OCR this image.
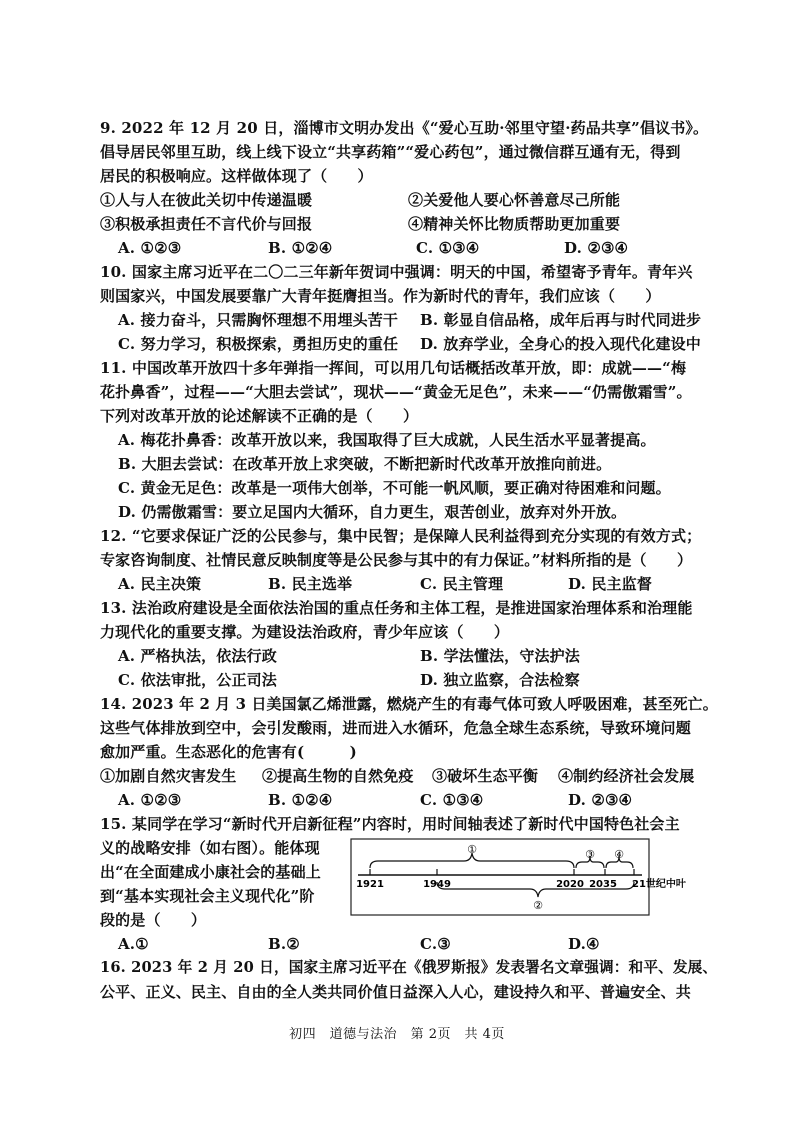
9. 2022 年 12 月 20 日，淄博市文明办发出《“爱心互助·邻里守望·药品共享”倡议书》。
倡导居民邻里互助，线上线下设立“共享药箱”“爱心药包”，通过微信群互通有无，得到
居民的积极响应。这样做体现了（　　）
①人与人在彼此关切中传递温暖	②关爱他人要心怀善意尽己所能
③积极承担责任不言代价与回报	④精神关怀比物质帮助更加重要
A. ①②③	B. ①②④	C. ①③④	D. ②③④
10. 国家主席习近平在二〇二三年新年贺词中强调：明天的中国，希望寄予青年。青年兴
则国家兴，中国发展要靠广大青年挺膺担当。作为新时代的青年，我们应该（　　）
A. 接力奋斗，只需胸怀理想不用埋头苦干 B. 彰显自信品格，成年后再与时代同进步
C. 努力学习，积极探索，勇担历史的重任 D. 放弃学业，全身心的投入现代化建设中
11. 中国改革开放四十多年弹指一挥间，可以用几句话概括改革开放，即：成就——“梅
花扑鼻香”，过程——“大胆去尝试”，现状——“黄金无足色”，未来——“仍需傲霜雪”。
下列对改革开放的论述解读不正确的是（　　）
A. 梅花扑鼻香：改革开放以来，我国取得了巨大成就，人民生活水平显著提高。
B. 大胆去尝试：在改革开放上求突破，不断把新时代改革开放推向前进。
C. 黄金无足色：改革是一项伟大创举，不可能一帆风顺，要正确对待困难和问题。
D. 仍需傲霜雪：要立足国内大循环，自力更生，艰苦创业，放弃对外开放。
12. “它要求保证广泛的公民参与，集中民智；是保障人民利益得到充分实现的有效方式；
专家咨询制度、社情民意反映制度等是公民参与其中的有力保证。”材料所指的是（　　）
A. 民主决策	B. 民主选举	C. 民主管理	D. 民主监督
13. 法治政府建设是全面依法治国的重点任务和主体工程，是推进国家治理体系和治理能
力现代化的重要支撑。为建设法治政府，青少年应该（　　）
A. 严格执法，依法行政	B. 学法懂法，守法护法
C. 依法审批，公正司法	D. 独立监察，合法检察
14. 2023 年 2 月 3 日美国氯乙烯泄露，燃烧产生的有毒气体可致人呼吸困难，甚至死亡。
这些气体排放到空中，会引发酸雨，进而进入水循环，危急全球生态系统，导致环境问题
愈加严重。生态恶化的危害有(　　　)
①加剧自然灾害发生 ②提高生物的自然免疫 ③破坏生态平衡 ④制约经济社会发展
A. ①②③	B. ①②④	C. ①③④	D. ②③④
15. 某同学在学习“新时代开启新征程”内容时，用时间轴表述了新时代中国特色社会主
义的战略安排（如右图）。能体现
出“在全面建成小康社会的基础上
到“基本实现社会主义现代化”阶
段的是（　　）
①
②
③ ④
1921	1949	2020 2035 21世纪中叶
A.①	B.②	C.③	D.④
16. 2023 年 2 月 20 日，国家主席习近平在《俄罗斯报》发表署名文章强调：和平、发展、
公平、正义、民主、自由的全人类共同价值日益深入人心，建设持久和平、普遍安全、共
初四　道德与法治　第 2页　共 4页
